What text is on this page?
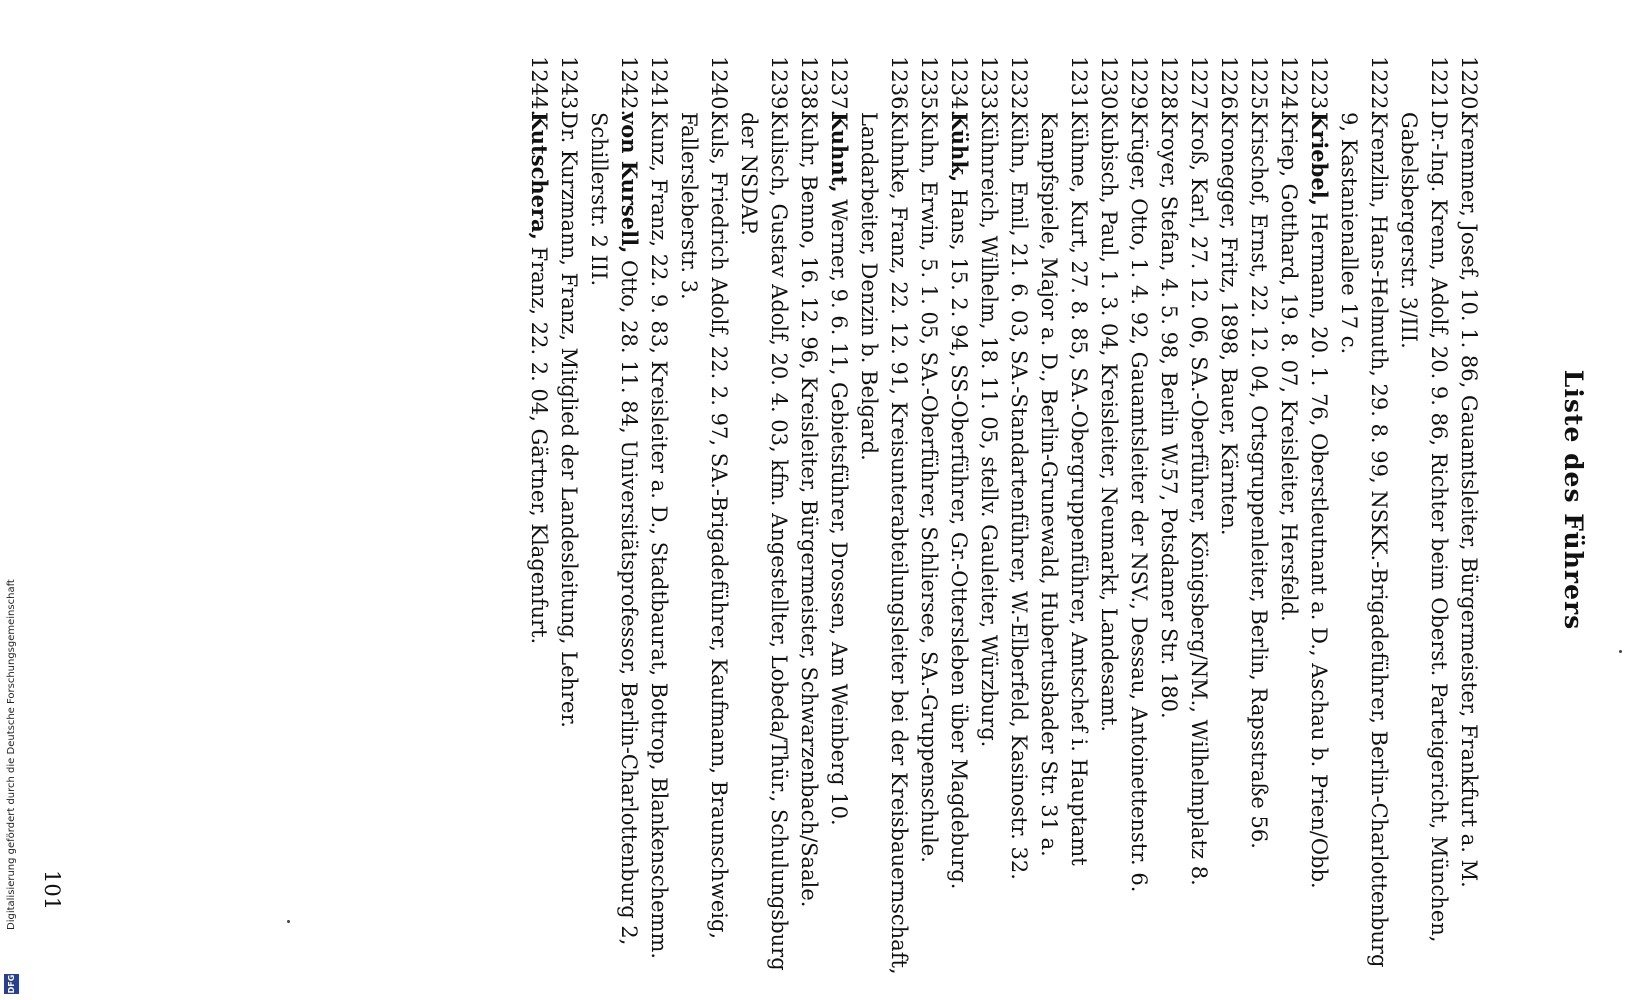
Liste des Führers
1220.
Kremmer, Josef, 10. 1. 86, Gauamtsleiter, Bürgermeister, Frankfurt a. M.
1221.
Dr.-Ing. Krenn, Adolf, 20. 9. 86, Richter beim Oberst. Parteigericht, München, Gabelsbergerstr. 3/III.
1222.
Krenzlin, Hans-Helmuth, 29. 8. 99, NSKK.-Brigadeführer, Berlin-Charlottenburg 9, Kastanienallee 17 c.
1223.
Kriebel, Hermann, 20. 1. 76, Oberstleutnant a. D., Aschau b. Prien/Obb.
1224.
Kriep, Gotthard, 19. 8. 07, Kreisleiter, Hersfeld.
1225.
Krischof, Ernst, 22. 12. 04, Ortsgruppenleiter, Berlin, Rapsstraße 56.
1226.
Kronegger, Fritz, 1898, Bauer, Kärnten.
1227.
Kroß, Karl, 27. 12. 06, SA.-Oberführer, Königsberg/NM., Wilhelmplatz 8.
1228.
Kroyer, Stefan, 4. 5. 98, Berlin W.57, Potsdamer Str. 180.
1229.
Krüger, Otto, 1. 4. 92, Gauamtsleiter der NSV., Dessau, Antoinettenstr. 6.
1230.
Kubisch, Paul, 1. 3. 04, Kreisleiter, Neumarkt, Landesamt.
1231.
Kühme, Kurt, 27. 8. 85, SA.-Obergruppenführer, Amtschef i. Hauptamt Kampfspiele, Major a. D., Berlin-Grunewald, Hubertusbader Str. 31 a.
1232.
Kühn, Emil, 21. 6. 03, SA.-Standartenführer, W.-Elberfeld, Kasinostr. 32.
1233.
Kühnreich, Wilhelm, 18. 11. 05, stellv. Gauleiter, Würzburg.
1234.
Kühk, Hans, 15. 2. 94, SS-Oberführer, Gr.-Ottersleben über Magdeburg.
1235.
Kuhn, Erwin, 5. 1. 05, SA.-Oberführer, Schliersee, SA.-Gruppenschule.
1236.
Kuhnke, Franz, 22. 12. 91, Kreisunterabteilungsleiter bei der Kreisbauernschaft, Landarbeiter, Denzin b. Belgard.
1237.
Kuhnt, Werner, 9. 6. 11, Gebietsführer, Drossen, Am Weinberg 10.
1238.
Kuhr, Benno, 16. 12. 96, Kreisleiter, Bürgermeister, Schwarzenbach/Saale.
1239.
Kulisch, Gustav Adolf, 20. 4. 03, kfm. Angestellter, Lobeda/Thür., Schulungsburg der NSDAP.
1240.
Kuls, Friedrich Adolf, 22. 2. 97, SA.-Brigadeführer, Kaufmann, Braunschweig, Fallersleberstr. 3.
1241.
Kunz, Franz, 22. 9. 83, Kreisleiter a. D., Stadtbaurat, Bottrop, Blankenschemm.
1242.
von Kursell, Otto, 28. 11. 84, Universitätsprofessor, Berlin-Charlottenburg 2, Schillerstr. 2 III.
1243.
Dr. Kurzmann, Franz, Mitglied der Landesleitung, Lehrer.
1244.
Kutschera, Franz, 22. 2. 04, Gärtner, Klagenfurt.
101
Digitalisierung gefördert durch die Deutsche Forschungsgemeinschaft
DFG
